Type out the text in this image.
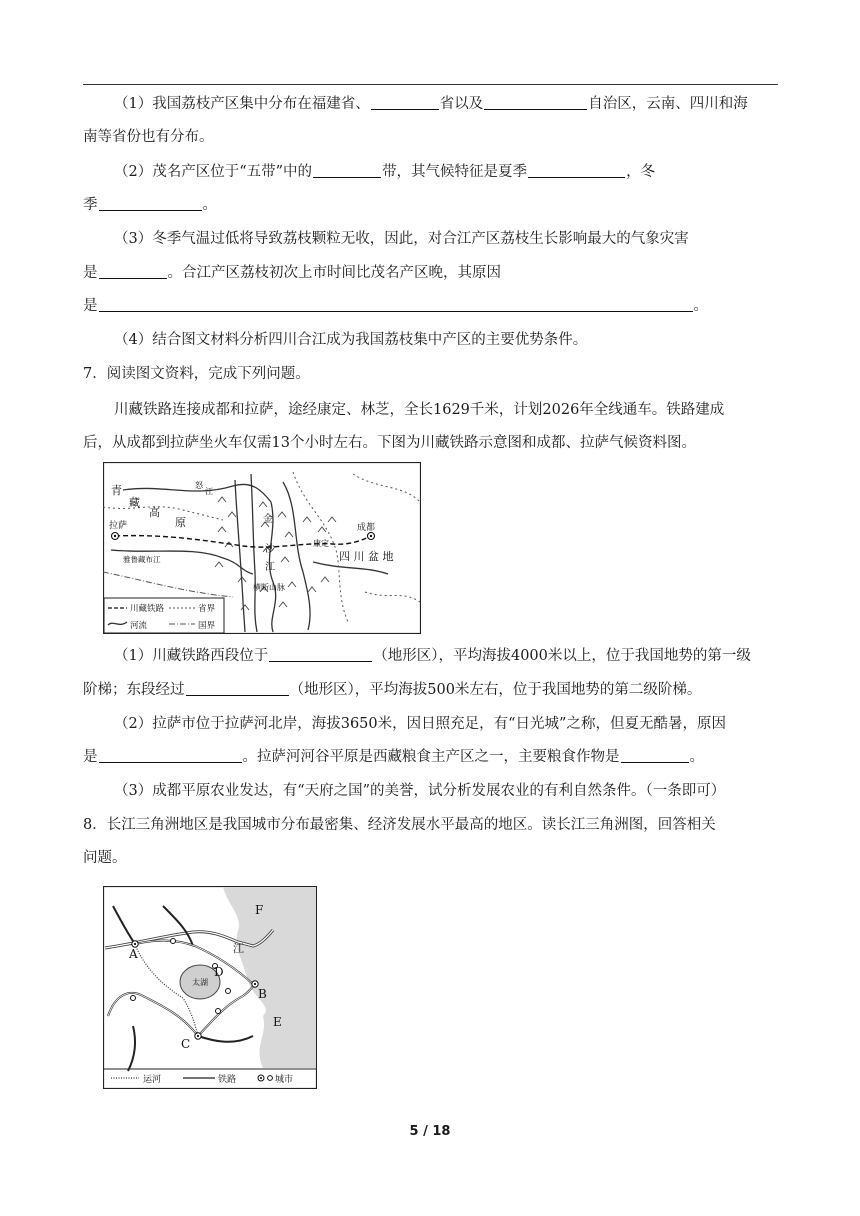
（1）我国荔枝产区集中分布在福建省、	省以及	自治区，云南、四川和海
南等省份也有分布。
（2）茂名产区位于“五带”中的	带，其气候特征是夏季	，冬
季	。
（3）冬季气温过低将导致荔枝颗粒无收，因此，对合江产区荔枝生长影响最大的气象灾害
是	。合江产区荔枝初次上市时间比茂名产区晚，其原因
是	。
（4）结合图文材料分析四川合江成为我国荔枝集中产区的主要优势条件。
7．阅读图文资料，完成下列问题。
川藏铁路连接成都和拉萨，途经康定、林芝，全长1629千米，计划2026年全线通车。铁路建成
后，从成都到拉萨坐火车仅需13个小时左右。下图为川藏铁路示意图和成都、拉萨气候资料图。
青
藏
高
原
拉萨
雅鲁藏布江
金
沙
江
怒
江
康定
成都
四 川 盆 地
横断山脉
川藏铁路	省界
河流	国界
（1）川藏铁路西段位于	（地形区），平均海拔4000米以上，位于我国地势的第一级
阶梯；东段经过	（地形区），平均海拔500米左右，位于我国地势的第二级阶梯。
（2）拉萨市位于拉萨河北岸，海拔3650米，因日照充足，有“日光城”之称，但夏无酷暑，原因
是	。拉萨河河谷平原是西藏粮食主产区之一，主要粮食作物是	。
（3）成都平原农业发达，有“天府之国”的美誉，试分析发展农业的有利自然条件。（一条即可）
8．长江三角洲地区是我国城市分布最密集、经济发展水平最高的地区。读长江三角洲图，回答相关
问题。
F
A	江
D
太湖
B
E
C
运河	铁路	城市
5 / 18
